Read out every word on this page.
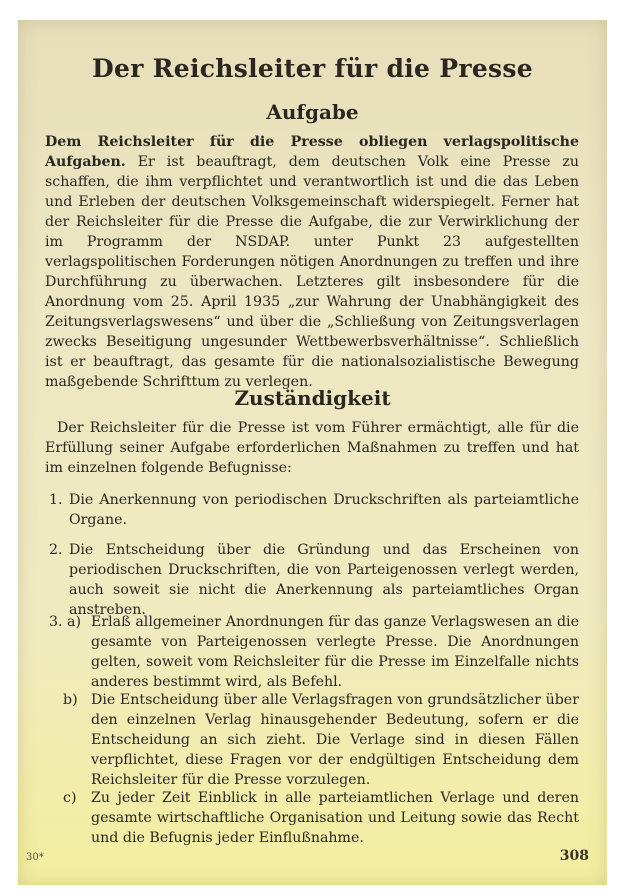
Der Reichsleiter für die Presse
Aufgabe
Dem Reichsleiter für die Presse obliegen verlagspolitische Aufgaben. Er ist beauftragt, dem deutschen Volk eine Presse zu schaffen, die ihm verpflichtet und verantwortlich ist und die das Leben und Erleben der deutschen Volksgemeinschaft widerspiegelt. Ferner hat der Reichsleiter für die Presse die Aufgabe, die zur Verwirklichung der im Programm der NSDAP. unter Punkt 23 aufgestellten verlagspolitischen Forderungen nötigen Anordnungen zu treffen und ihre Durchführung zu überwachen. Letzteres gilt insbesondere für die Anordnung vom 25. April 1935 „zur Wahrung der Unabhängigkeit des Zeitungsverlagswesens“ und über die „Schließung von Zeitungsverlagen zwecks Beseitigung ungesunder Wettbewerbsverhältnisse“. Schließlich ist er beauftragt, das gesamte für die nationalsozialistische Bewegung maßgebende Schrifttum zu verlegen.
Zuständigkeit
Der Reichsleiter für die Presse ist vom Führer ermächtigt, alle für die Erfüllung seiner Aufgabe erforderlichen Maßnahmen zu treffen und hat im einzelnen folgende Befugnisse:
1. Die Anerkennung von periodischen Druckschriften als parteiamtliche Organe.
2. Die Entscheidung über die Gründung und das Erscheinen von periodischen Druckschriften, die von Parteigenossen verlegt werden, auch soweit sie nicht die Anerkennung als parteiamtliches Organ anstreben.
3. a) Erlaß allgemeiner Anordnungen für das ganze Verlagswesen an die gesamte von Parteigenossen verlegte Presse. Die Anordnungen gelten, soweit vom Reichsleiter für die Presse im Einzelfalle nichts anderes bestimmt wird, als Befehl.
b) Die Entscheidung über alle Verlagsfragen von grundsätzlicher über den einzelnen Verlag hinausgehender Bedeutung, sofern er die Entscheidung an sich zieht. Die Verlage sind in diesen Fällen verpflichtet, diese Fragen vor der endgültigen Entscheidung dem Reichsleiter für die Presse vorzulegen.
c)	Zu jeder Zeit Einblick in alle parteiamtlichen Verlage und deren gesamte wirtschaftliche Organisation und Leitung sowie das Recht und die Befugnis jeder Einflußnahme.
30*	308
